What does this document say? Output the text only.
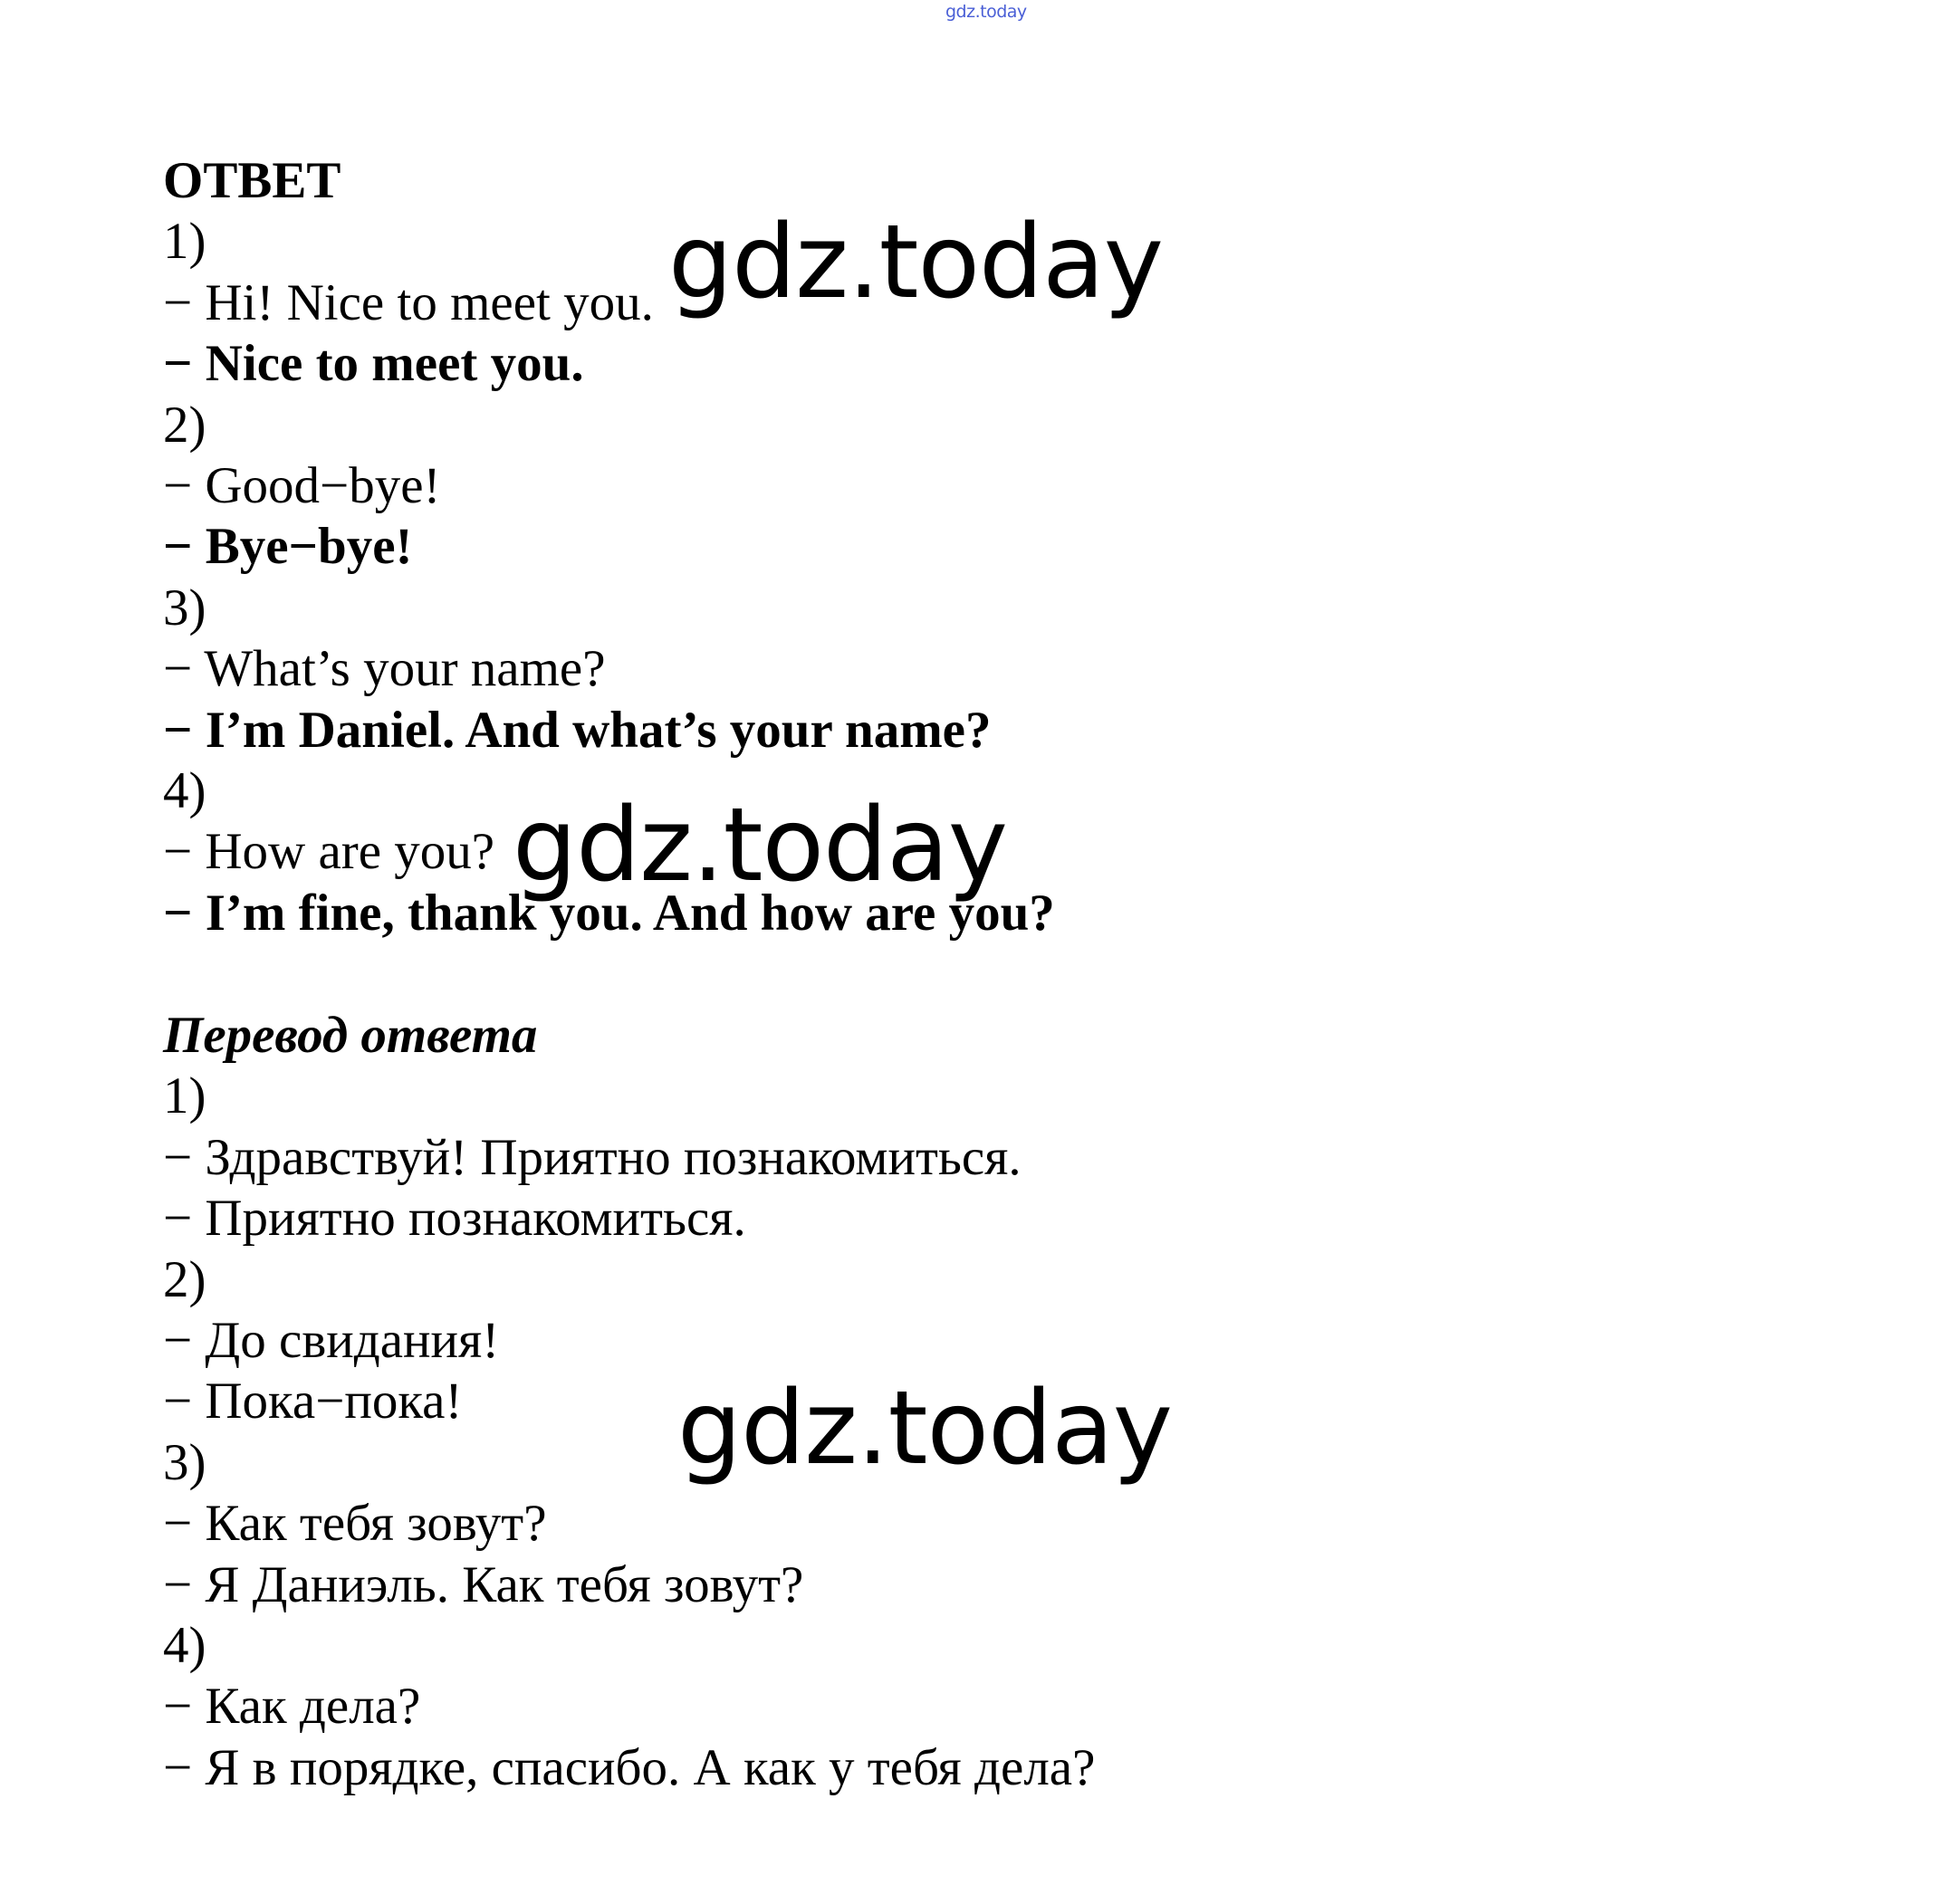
gdz.today
ОТВЕТ
1)
− Hi! Nice to meet you.
− Nice to meet you.
2)
− Good−bye!
− Bye−bye!
3)
− What’s your name?
− I’m Daniel. And what’s your name?
4)
− How are you?
− I’m fine, thank you. And how are you?
Перевод ответа
1)
− Здравствуй! Приятно познакомиться.
− Приятно познакомиться.
2)
− До свидания!
− Пока−пока!
3)
− Как тебя зовут?
− Я Даниэль. Как тебя зовут?
4)
− Как дела?
− Я в порядке, спасибо. А как у тебя дела?
gdz.today
gdz.today
gdz.today
